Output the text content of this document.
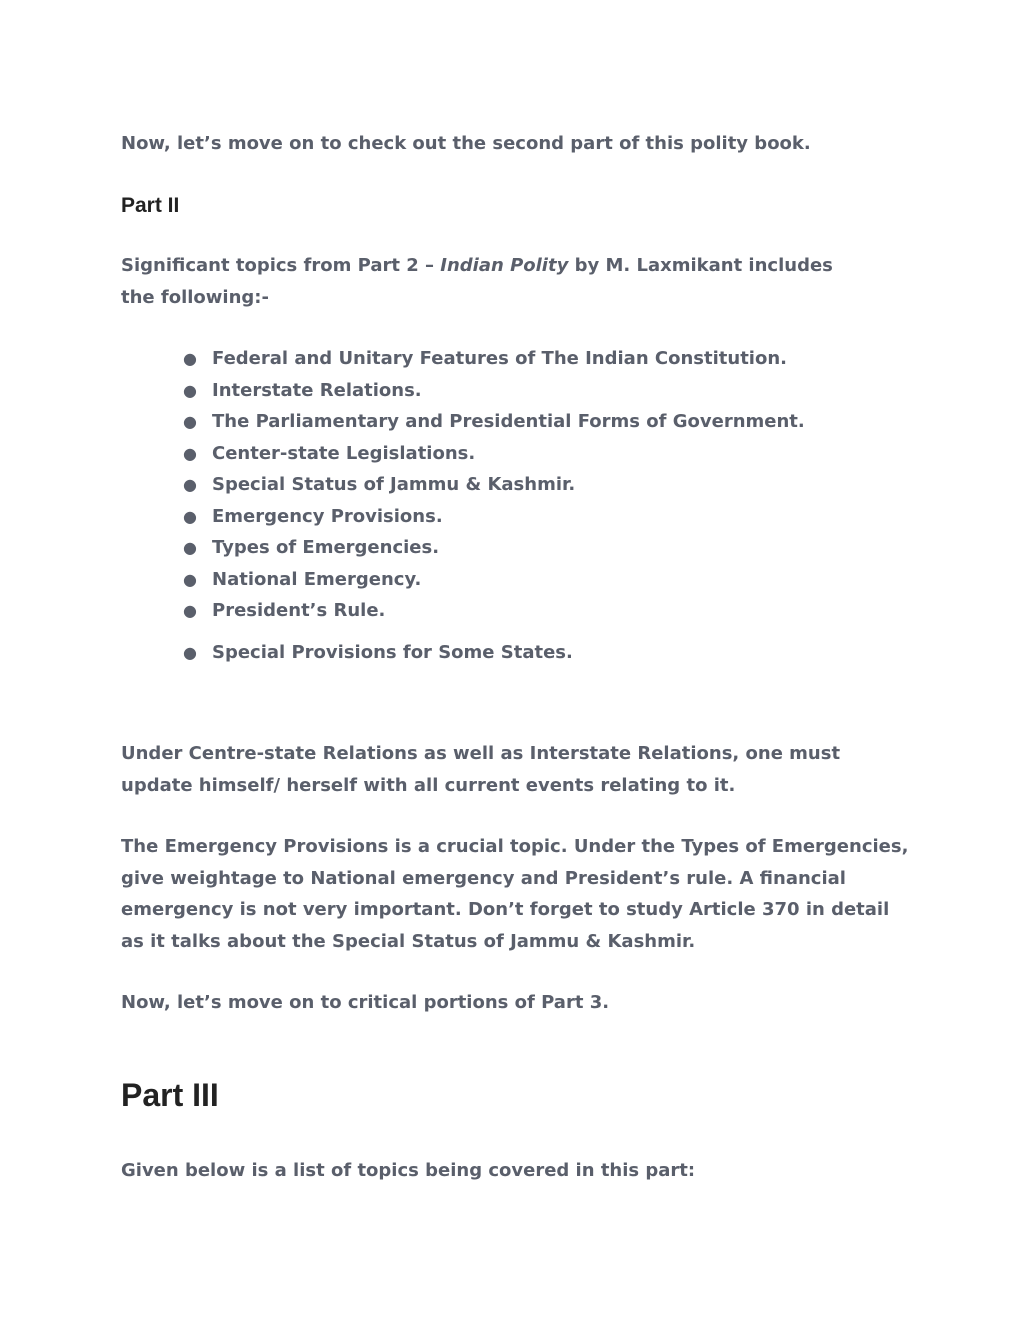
Now, let’s move on to check out the second part of this polity book.

Part II

Significant topics from Part 2 – Indian Polity by M. Laxmikant includes the following:-

● Federal and Unitary Features of The Indian Constitution.
● Interstate Relations.
● The Parliamentary and Presidential Forms of Government.
● Center-state Legislations.
● Special Status of Jammu & Kashmir.
● Emergency Provisions.
● Types of Emergencies.
● National Emergency.
● President’s Rule.
● Special Provisions for Some States.

Under Centre-state Relations as well as Interstate Relations, one must update himself/ herself with all current events relating to it.

The Emergency Provisions is a crucial topic. Under the Types of Emergencies, give weightage to National emergency and President’s rule. A financial emergency is not very important. Don’t forget to study Article 370 in detail as it talks about the Special Status of Jammu & Kashmir.

Now, let’s move on to critical portions of Part 3.

Part III

Given below is a list of topics being covered in this part:
